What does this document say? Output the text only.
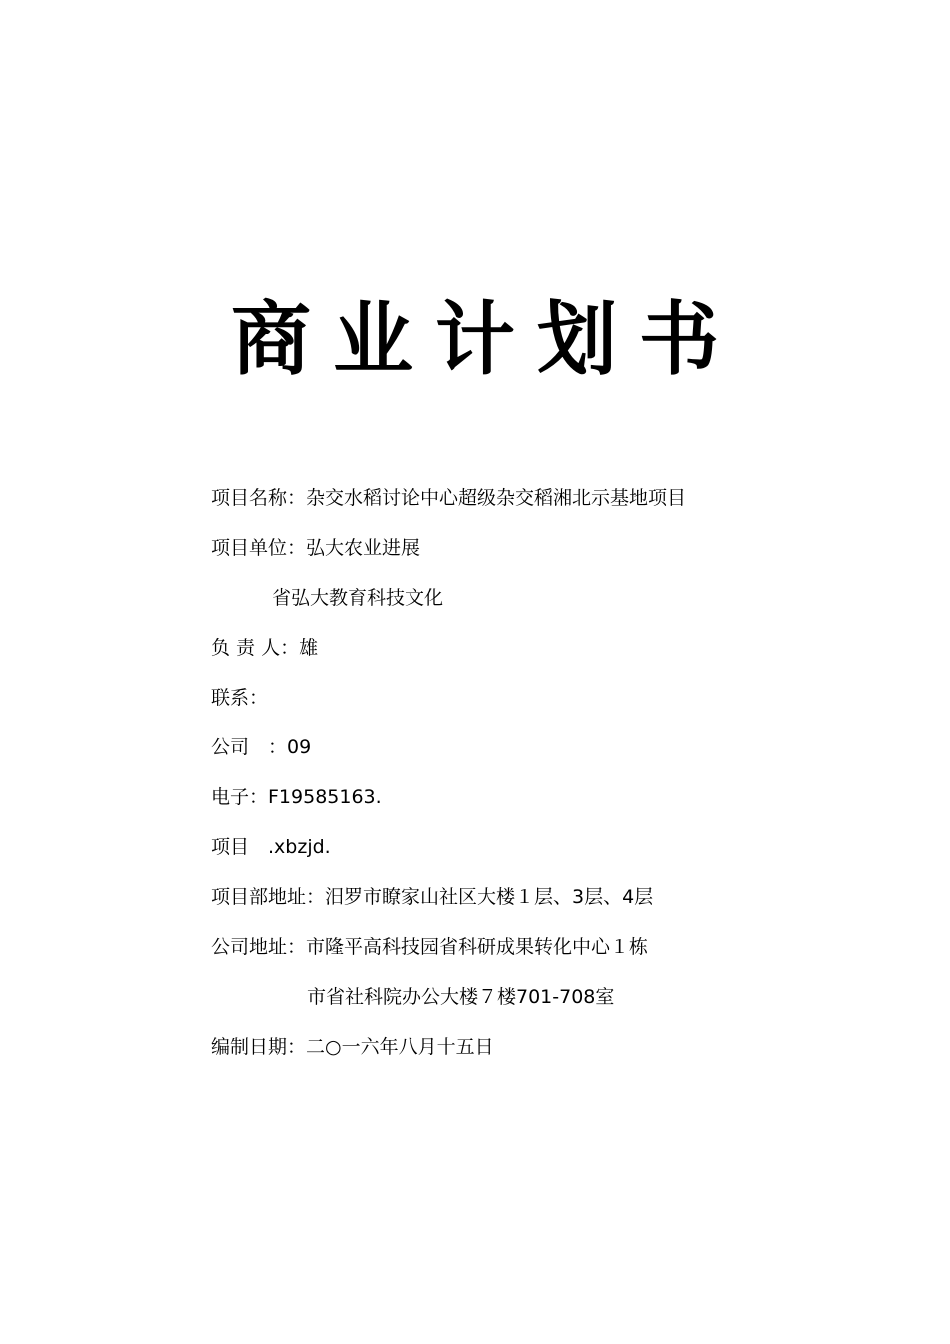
商业计划书
项目名称：杂交水稻讨论中心超级杂交稻湘北示基地项目
项目单位：弘大农业进展
省弘大教育科技文化
负 责 人：雄
联系：
公司　：09
电子：F19585163.
项目　.xbzjd.
项目部地址：汨罗市瞭家山社区大楼１层、3层、4层
公司地址：市隆平高科技园省科研成果转化中心１栋
市省社科院办公大楼７楼701-708室
编制日期：二○一六年八月十五日
